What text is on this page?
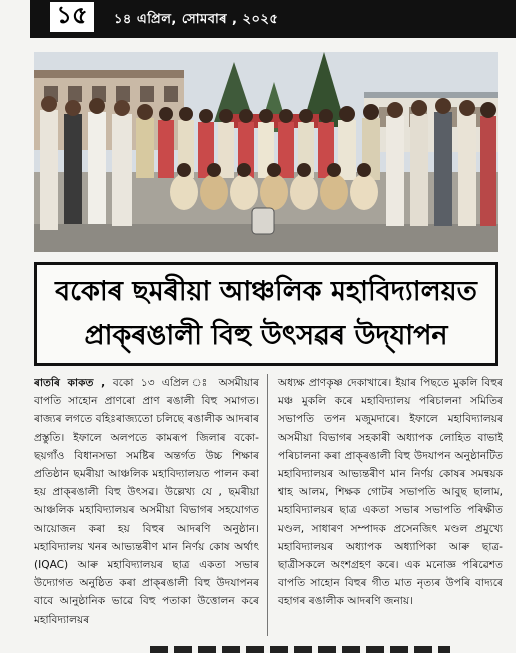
১৫	১৪ এপ্ৰিল, সোমবাৰ , ২০২৫
বকোৰ ছমৰীয়া আঞ্চলিক মহাবিদ্যালয়ত
প্ৰাক্‌ৰঙালী বিহু উৎসৱৰ উদ্‌যাপন
ৰাতৰি কাকত , বকো ১৩ এপ্ৰিল ঃ অসমীয়াৰ বাপতি সাহোন প্ৰাণৰো প্ৰাণ ৰঙালী বিহু সমাগত। ৰাজ্যৰ লগতে বহিঃৰাজ্যতো চলিছে ৰঙালীক আদৰাৰ প্ৰস্তুতি। ইফালে অলপতে কামৰূপ জিলাৰ বকো-ছয়গাঁও বিধানসভা সমষ্টিৰ অন্তৰ্গত উচ্চ শিক্ষাৰ প্ৰতিষ্ঠান ছমৰীয়া আঞ্চলিক মহাবিদ্যালয়ত পালন কৰা হয় প্ৰাক্‌ৰঙালী বিহু উৎসৱ। উল্লেখ্য যে , ছমৰীয়া আঞ্চলিক মহাবিদ্যালয়ৰ অসমীয়া বিভাগৰ সহযোগত আয়োজন কৰা হয় বিহুৰ আদৰণি অনুষ্ঠান। মহাবিদ্যালয় খনৰ আভ্যন্তৰীণ মান নিৰ্ণয় কোষ অৰ্থাৎ (IQAC) আৰু মহাবিদ্যালয়ৰ ছাত্ৰ একতা সভাৰ উদ্যোগত অনুষ্ঠিত কৰা প্ৰাক্‌ৰঙালী বিহু উদযাপনৰ বাবে আনুষ্ঠানিক ভাৱে বিহু পতাকা উত্তোলন কৰে মহাবিদ্যালয়ৰ
অধ্যক্ষ প্ৰাণকৃষ্ণ দেকাখাৰে। ইয়াৰ পিছতে মুকলি বিহুৰ মঞ্চ মুকলি কৰে মহাবিদ্যালয় পৰিচালনা সমিতিৰ সভাপতি তপন মজুমদাৰে। ইফালে মহাবিদ্যালয়ৰ অসমীয়া বিভাগৰ সহকাৰী অধ্যাপক লোহিত বাভাই পৰিচালনা কৰা প্ৰাক্‌ৰঙালী বিহু উদযাপন অনুষ্ঠানটিত মহাবিদ্যালয়ৰ আভ্যন্তৰীণ মান নিৰ্ণয় কোষৰ সমন্বয়ক শ্বাহ আলম, শিক্ষক গোটৰ সভাপতি আবুছ ছালাম, মহাবিদ্যালয়ৰ ছাত্ৰ একতা সভাৰ সভাপতি পৰিক্ষীত মণ্ডল, সাধাৰণ সম্পাদক প্ৰসেনজিৎ মণ্ডল প্ৰমুখ্যে মহাবিদ্যালয়ৰ অধ্যাপক অধ্যাপিকা আৰু ছাত্ৰ-ছাত্ৰীসকলে অংশগ্ৰহণ কৰে। এক মনোজ্ঞ পৰিৱেশত বাপতি সাহোন বিহুৰ গীত মাত নৃত্যৰ উপৰি বাদ্যৰে বহাগৰ ৰঙালীক আদৰণি জনায়।
